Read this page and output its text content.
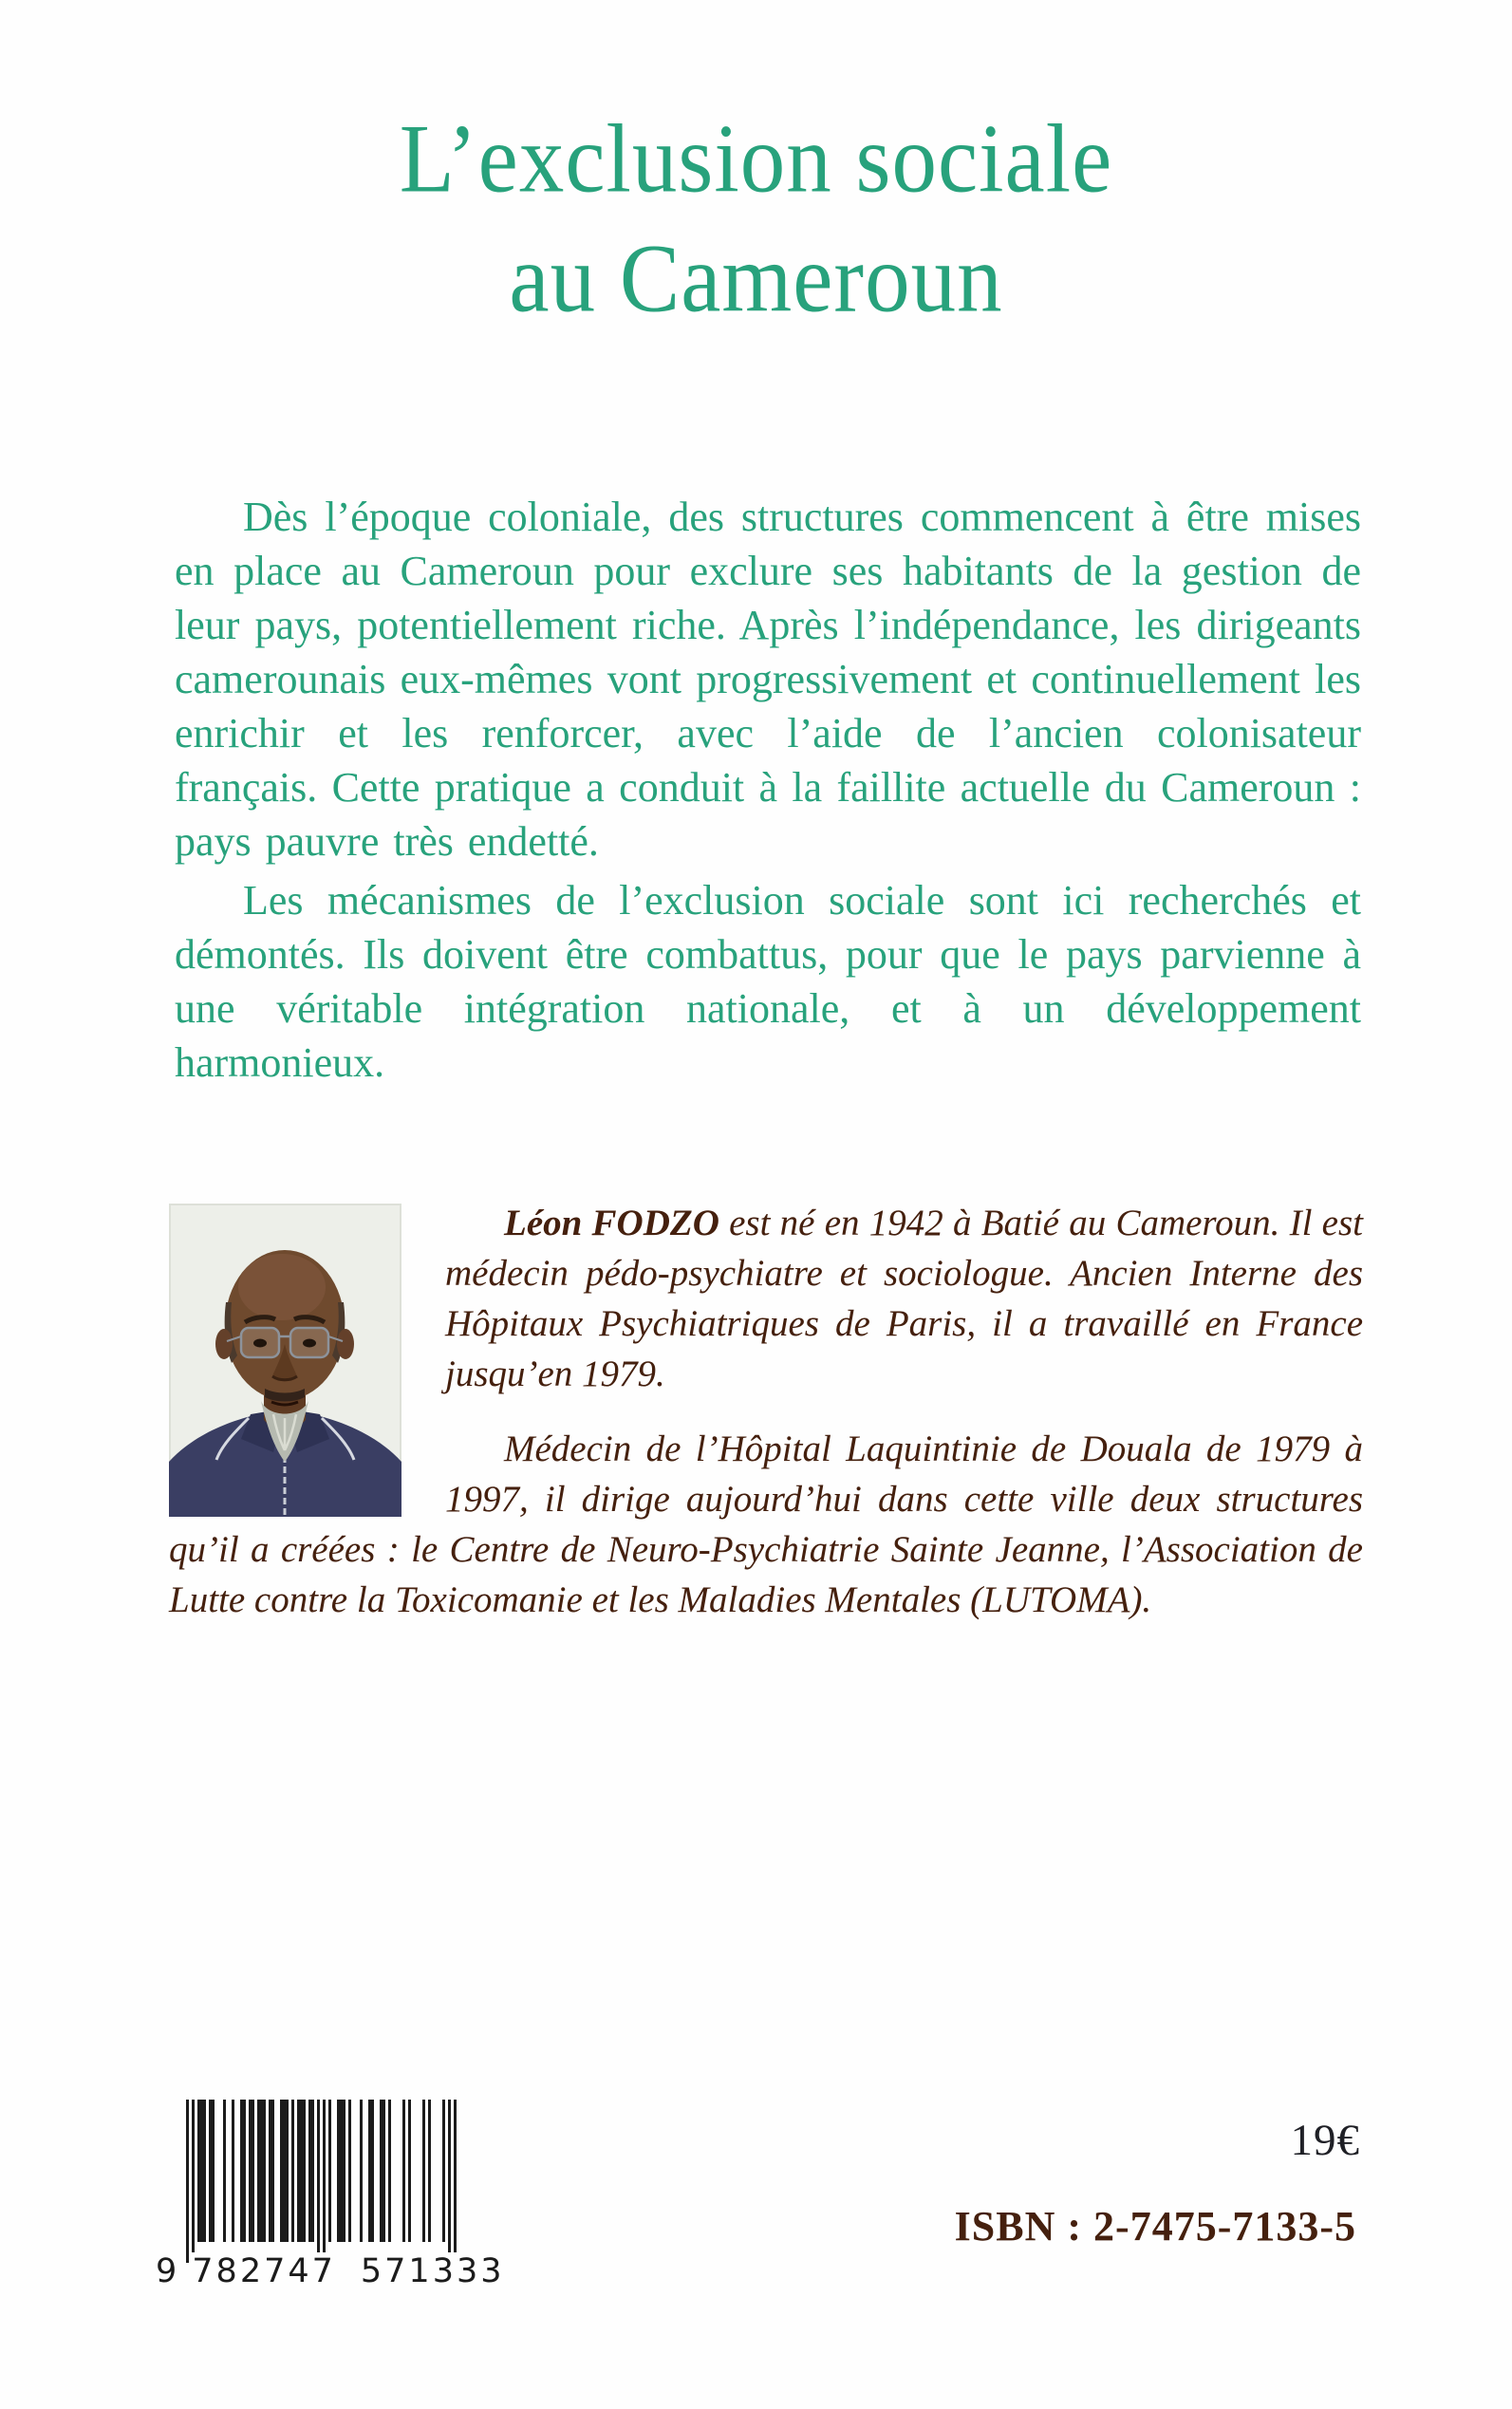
L’exclusion sociale
au Cameroun

Dès l’époque coloniale, des structures commencent à être mises en place au Cameroun pour exclure ses habitants de la gestion de leur pays, potentiellement riche. Après l’indépendance, les dirigeants camerounais eux-mêmes vont progressivement et continuellement les enrichir et les renforcer, avec l’aide de l’ancien colonisateur français. Cette pratique a conduit à la faillite actuelle du Cameroun : pays pauvre très endetté.

Les mécanismes de l’exclusion sociale sont ici recherchés et démontés. Ils doivent être combattus, pour que le pays parvienne à une véritable intégration nationale, et à un développement harmonieux.

Léon FODZO est né en 1942 à Batié au Cameroun. Il est médecin pédo-psychiatre et sociologue. Ancien Interne des Hôpitaux Psychiatriques de Paris, il a travaillé en France jusqu’en 1979.

Médecin de l’Hôpital Laquintinie de Douala de 1979 à 1997, il dirige aujourd’hui dans cette ville deux structures qu’il a créées : le Centre de Neuro-Psychiatrie Sainte Jeanne, l’Association de Lutte contre la Toxicomanie et les Maladies Mentales (LUTOMA).

9 782747 571333
19€
ISBN : 2-7475-7133-5
